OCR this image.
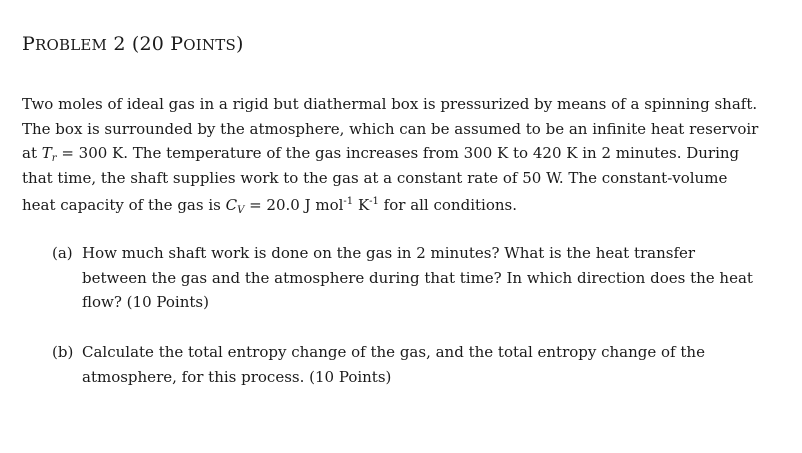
PROBLEM 2 (20 POINTS)
Two moles of ideal gas in a rigid but diathermal box is pressurized by means of a spinning shaft.
The box is surrounded by the atmosphere, which can be assumed to be an infinite heat reservoir
at $T_r = 300$ K. The temperature of the gas increases from 300 K to 420 K in 2 minutes. During
that time, the shaft supplies work to the gas at a constant rate of 50 W. The constant-volume
heat capacity of the gas is $C_V = 20.0$ J mol$^{-1}$ $K^{-1}$ for all conditions.
(a) How much shaft work is done on the gas in 2 minutes? What is the heat transfer
between the gas and the atmosphere during that time? In which direction does the heat
flow? (10 Points)
(b) Calculate the total entropy change of the gas, and the total entropy change of the
atmosphere, for this process. (10 Points)
